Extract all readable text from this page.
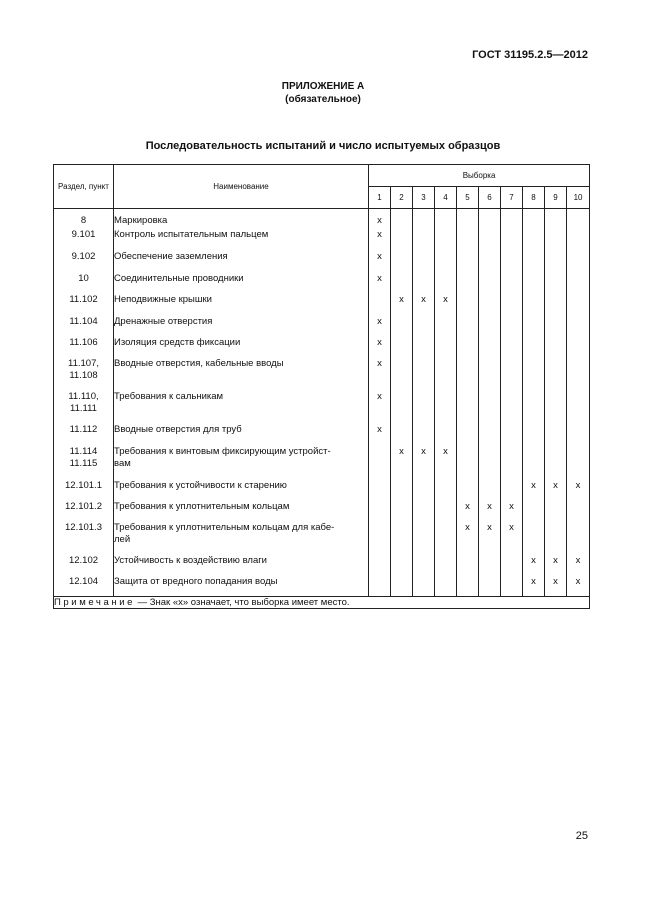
ГОСТ 31195.2.5—2012
ПРИЛОЖЕНИЕ А
(обязательное)
Последовательность испытаний и число испытуемых образцов
Раздел, пункт	Наименование	Выборка									
		1	2	3	4	5	6	7	8	9	10
8	Маркировка	x									
9.101	Контроль испытательным пальцем	x									
9.102	Обеспечение заземления	x									
10	Соединительные проводники	x									
11.102	Неподвижные крышки		x	x	x						
11.104	Дренажные отверстия	x									
11.106	Изоляция средств фиксации	x									
11.107,
11.108	Вводные отверстия, кабельные вводы	x									
11.110,
11.111	Требования к сальникам	x									
11.112	Вводные отверстия для труб	x									
11.114
11.115	Требования к винтовым фиксирующим устройст-
вам		x	x	x						
12.101.1	Требования к устойчивости к старению								x	x	x
12.101.2	Требования к уплотнительным кольцам					x	x	x			
12.101.3	Требования к уплотнительным кольцам для кабе-
лей					x	x	x			
12.102	Устойчивость к воздействию влаги								x	x	x
12.104	Защита от вредного попадания воды								x	x	x
Примечание — Знак «x» означает, что выборка имеет место.											
25
